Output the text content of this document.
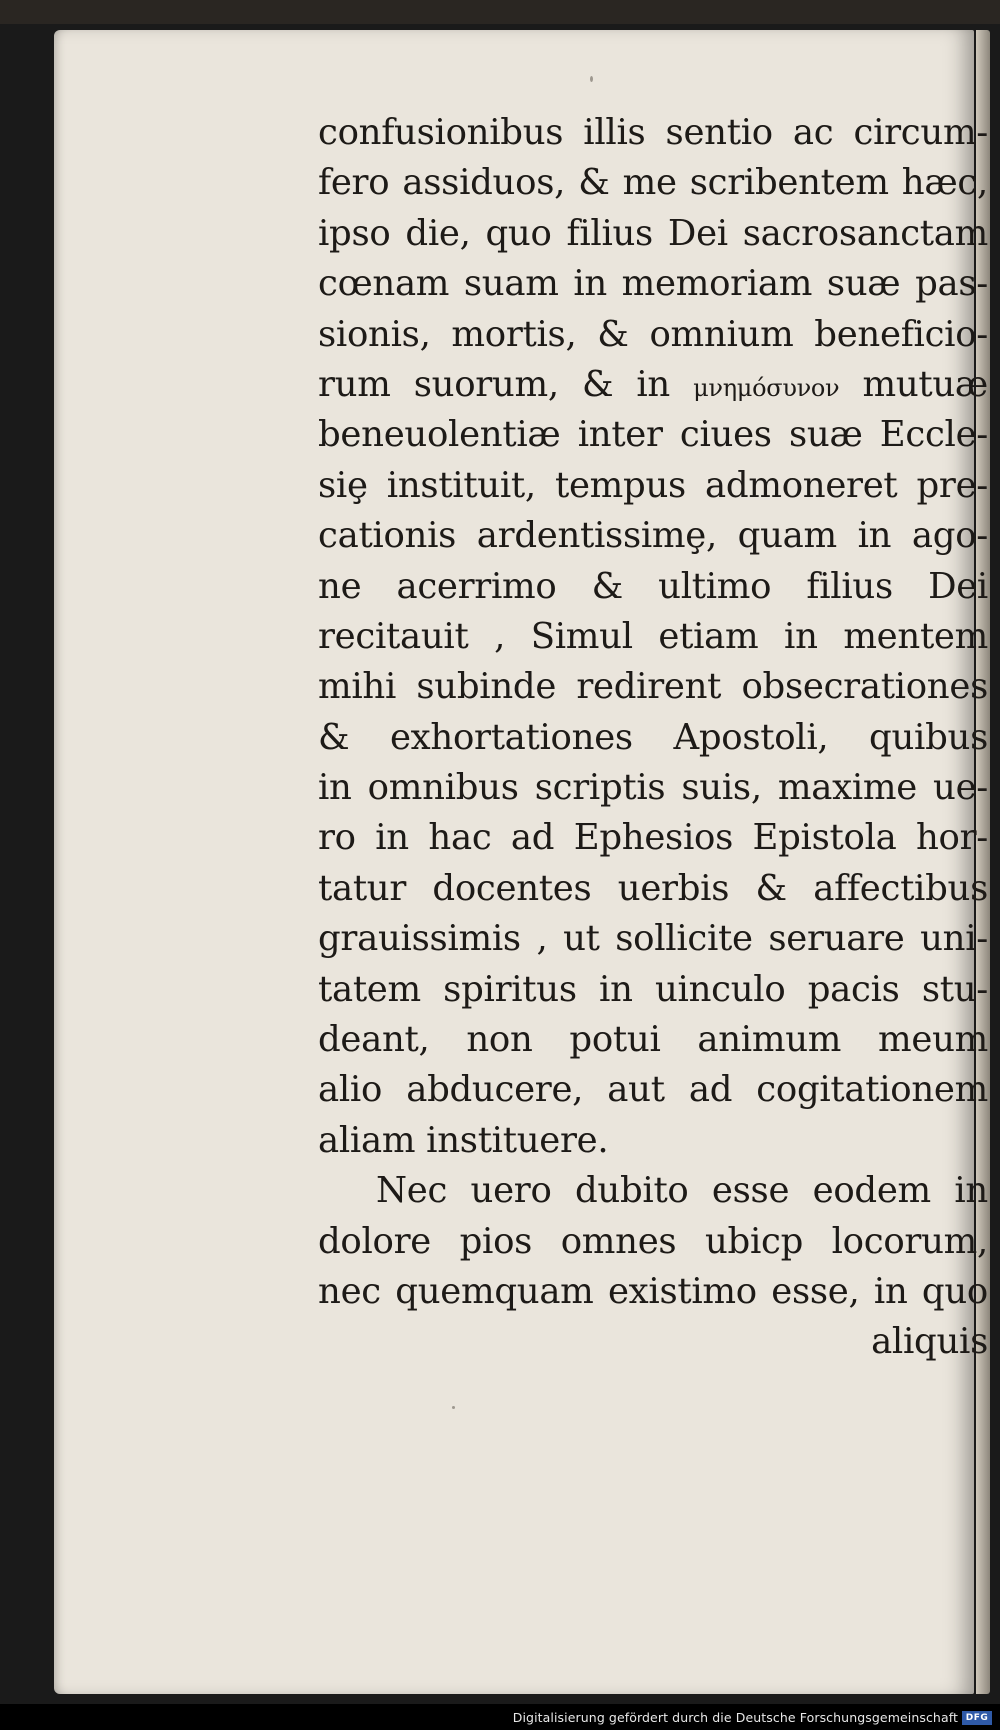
confusionibus illis sentio ac circum-
fero assiduos, & me scribentem hæc,
ipso die, quo filius Dei sacrosanctam
cœnam suam in memoriam suæ pas-
sionis, mortis, & omnium beneficio-
rum suorum, & in μνημόσυνον mutuæ
beneuolentiæ inter ciues suæ Eccle-
siȩ instituit, tempus admoneret pre-
cationis ardentissimȩ, quam in ago-
ne acerrimo & ultimo filius Dei
recitauit , Simul etiam in mentem
mihi subinde redirent obsecrationes
& exhortationes Apostoli, quibus
in omnibus scriptis suis, maxime ue-
ro in hac ad Ephesios Epistola hor-
tatur docentes uerbis & affectibus
grauissimis , ut sollicite seruare uni-
tatem spiritus in uinculo pacis stu-
deant, non potui animum meum
alio abducere, aut ad cogitationem
aliam instituere.
Nec uero dubito esse eodem in
dolore pios omnes ubicp locorum,
nec quemquam existimo esse, in quo
aliquis
Digitalisierung gefördert durch die Deutsche Forschungsgemeinschaft DFG
